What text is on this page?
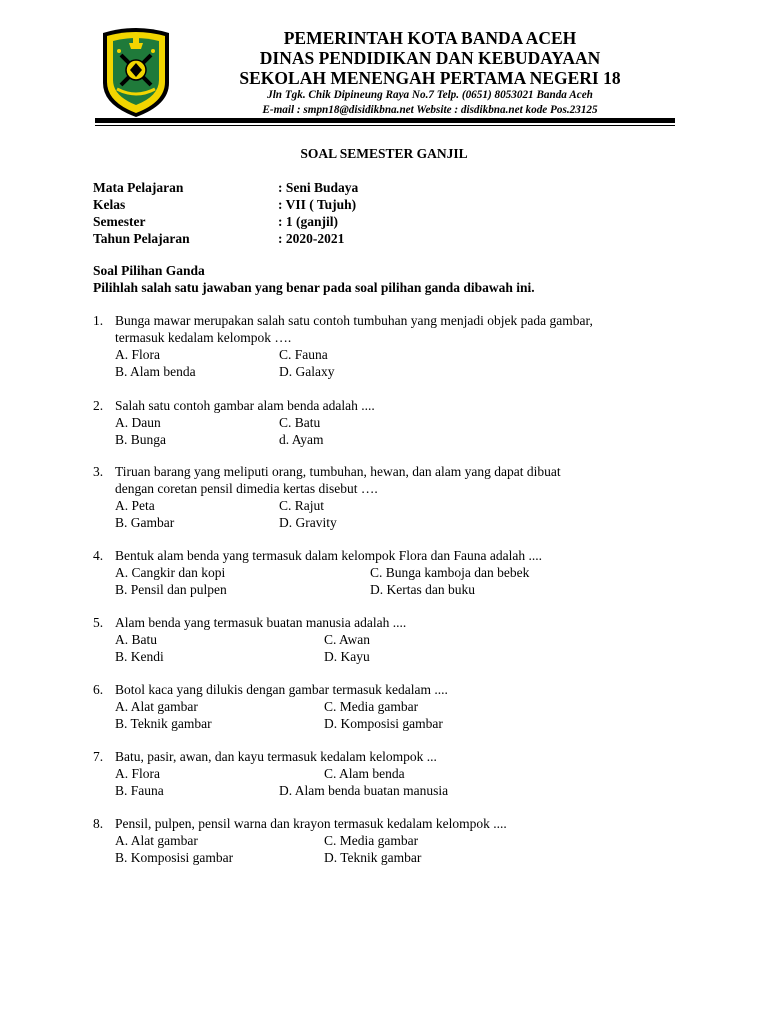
PEMERINTAH KOTA BANDA ACEH
DINAS PENDIDIKAN DAN KEBUDAYAAN
SEKOLAH MENENGAH PERTAMA NEGERI 18
Jln Tgk. Chik Dipineung Raya No.7 Telp. (0651) 8053021 Banda Aceh
E-mail : smpn18@disidikbna.net Website : disdikbna.net kode Pos.23125
SOAL SEMESTER GANJIL
Mata Pelajaran	: Seni Budaya
Kelas	: VII ( Tujuh)
Semester	: 1 (ganjil)
Tahun Pelajaran	: 2020-2021
Soal Pilihan Ganda
Pilihlah salah satu jawaban yang benar pada soal pilihan ganda dibawah ini.
1. Bunga mawar merupakan salah satu contoh tumbuhan yang menjadi objek pada gambar,
termasuk kedalam kelompok ….
A. Flora	C. Fauna
B. Alam benda	D. Galaxy
2. Salah satu contoh gambar alam benda adalah ....
A. Daun	C. Batu
B. Bunga	d. Ayam
3. Tiruan barang yang meliputi orang, tumbuhan, hewan, dan alam yang dapat dibuat
dengan coretan pensil dimedia kertas disebut ….
A. Peta	C. Rajut
B. Gambar	D. Gravity
4. Bentuk alam benda yang termasuk dalam kelompok Flora dan Fauna adalah ....
A. Cangkir dan kopi	C. Bunga kamboja dan bebek
B. Pensil dan pulpen	D. Kertas dan buku
5. Alam benda yang termasuk buatan manusia adalah ....
A. Batu	C. Awan
B. Kendi	D. Kayu
6. Botol kaca yang dilukis dengan gambar termasuk kedalam ....
A. Alat gambar	C. Media gambar
B. Teknik gambar	D. Komposisi gambar
7. Batu, pasir, awan, dan kayu termasuk kedalam kelompok ...
A. Flora	C. Alam benda
B. Fauna	D. Alam benda buatan manusia
8. Pensil, pulpen, pensil warna dan krayon termasuk kedalam kelompok ....
A. Alat gambar	C. Media gambar
B. Komposisi gambar	D. Teknik gambar
